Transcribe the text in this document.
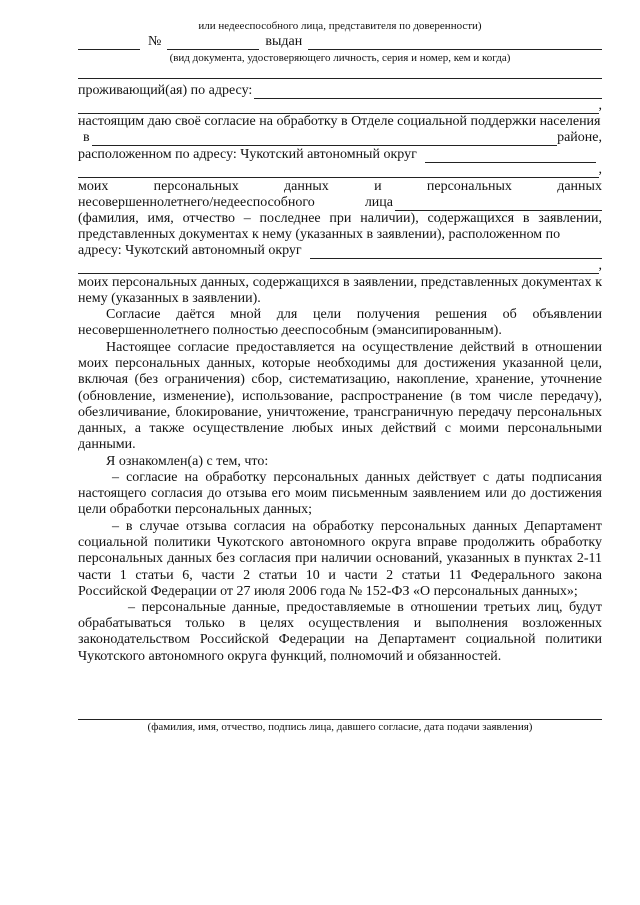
или недееспособного лица, представителя по доверенности)
№	выдан
(вид документа, удостоверяющего личность, серия и номер, кем и когда)
проживающий(ая) по адресу:
,
настоящим даю своё согласие на обработку в Отделе социальной поддержки населения
в	районе,
расположенном по адресу: Чукотский автономный округ
,
моих	персональных	данных	и	персональных	данных
несовершеннолетнего/недееспособного	лица
(фамилия, имя, отчество – последнее при наличии), содержащихся в заявлении, представленных документах к нему (указанных в заявлении), расположенном по
адресу: Чукотский автономный округ
,
моих персональных данных, содержащихся в заявлении, представленных документах к нему (указанных в заявлении).
Согласие даётся мной для цели получения решения об объявлении несовершеннолетнего полностью дееспособным (эмансипированным).
Настоящее согласие предоставляется на осуществление действий в отношении моих персональных данных, которые необходимы для достижения указанной цели, включая (без ограничения) сбор, систематизацию, накопление, хранение, уточнение (обновление, изменение), использование, распространение (в том числе передачу), обезличивание, блокирование, уничтожение, трансграничную передачу персональных данных, а также осуществление любых иных действий с моими персональными данными.
Я ознакомлен(а) с тем, что:
– согласие на обработку персональных данных действует с даты подписания настоящего согласия до отзыва его моим письменным заявлением или до достижения цели обработки персональных данных;
– в случае отзыва согласия на обработку персональных данных Департамент социальной политики Чукотского автономного округа вправе продолжить обработку персональных данных без согласия при наличии оснований, указанных в пунктах 2-11 части 1 статьи 6, части 2 статьи 10 и части 2 статьи 11 Федерального закона Российской Федерации от 27 июля 2006 года № 152-ФЗ «О персональных данных»;
– персональные данные, предоставляемые в отношении третьих лиц, будут обрабатываться только в целях осуществления и выполнения возложенных законодательством Российской Федерации на Департамент социальной политики Чукотского автономного округа функций, полномочий и обязанностей.
(фамилия, имя, отчество, подпись лица, давшего согласие, дата подачи заявления)
